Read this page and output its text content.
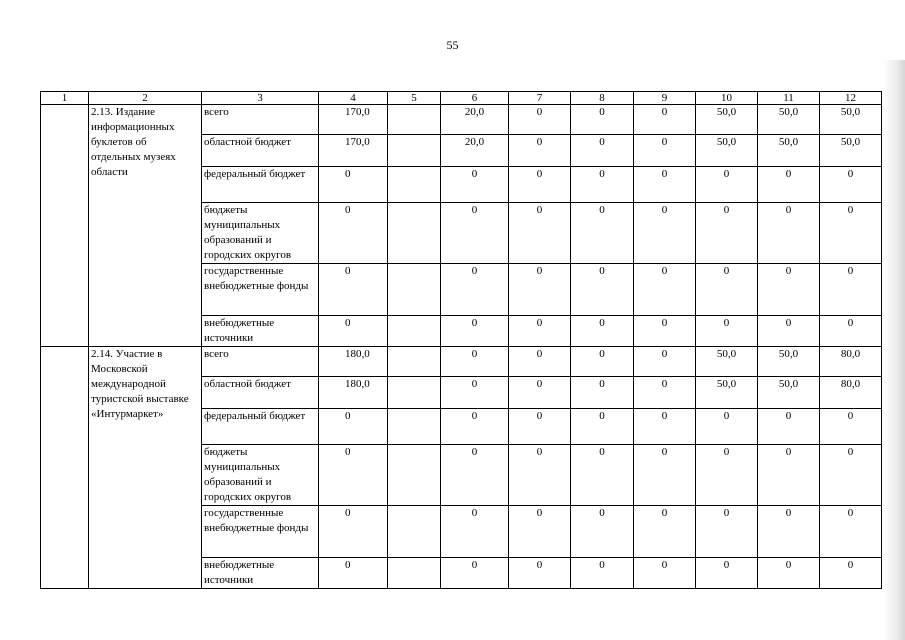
55
1	2	3	4	5	6	7	8	9	10	11	12
	2.13. Издание информационных буклетов об отдельных музеях области	всего	170,0		20,0	0	0	0	50,0	50,0	50,0
		областной бюджет	170,0		20,0	0	0	0	50,0	50,0	50,0
		федеральный бюджет	0		0	0	0	0	0	0	0
		бюджеты муниципальных образований и городских округов	0		0	0	0	0	0	0	0
		государственные внебюджетные фонды	0		0	0	0	0	0	0	0
		внебюджетные источники	0		0	0	0	0	0	0	0
	2.14. Участие в Московской международной туристской выставке «Интурмаркет»	всего	180,0		0	0	0	0	50,0	50,0	80,0
		областной бюджет	180,0		0	0	0	0	50,0	50,0	80,0
		федеральный бюджет	0		0	0	0	0	0	0	0
		бюджеты муниципальных образований и городских округов	0		0	0	0	0	0	0	0
		государственные внебюджетные фонды	0		0	0	0	0	0	0	0
		внебюджетные источники	0		0	0	0	0	0	0	0
